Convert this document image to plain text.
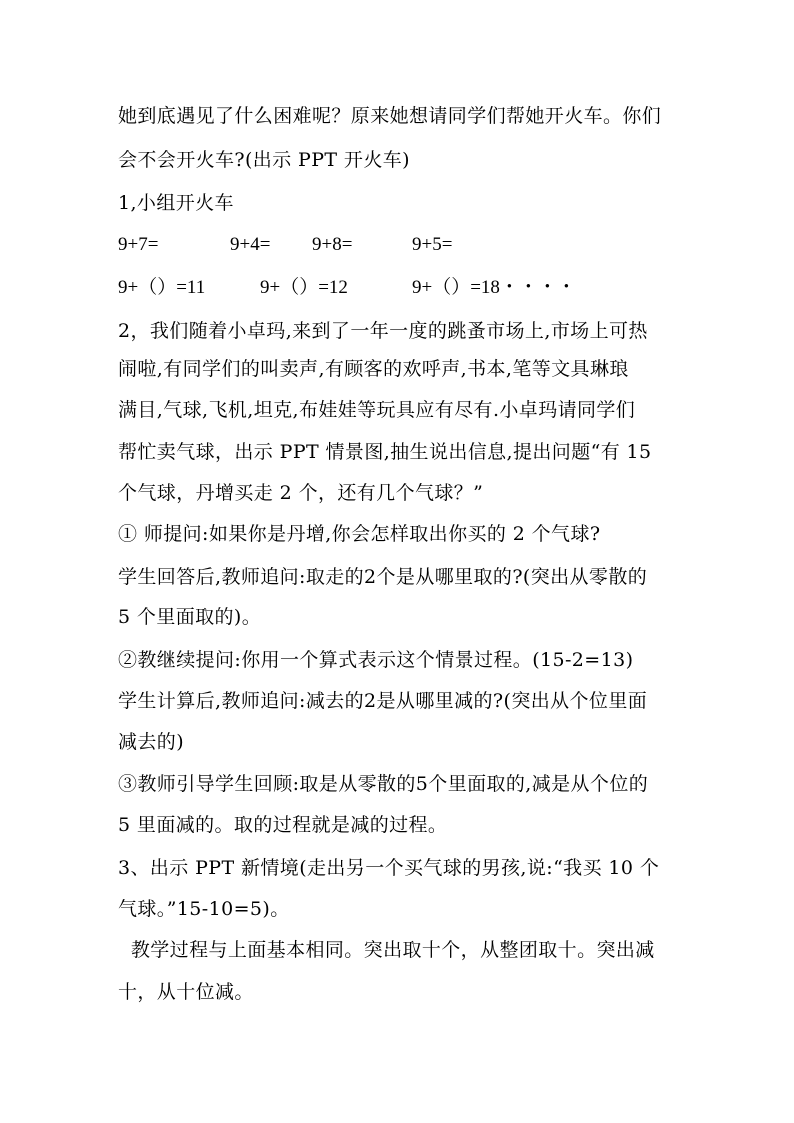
她到底遇见了什么困难呢？原来她想请同学们帮她开火车。你们
会不会开火车?(出示 PPT 开火车)
1,小组开火车
9+7=	9+4= 9+8=	9+5=
9+（）=11	9+（）=12	9+（）=18・・・・
2，我们随着小卓玛,来到了一年一度的跳蚤市场上,市场上可热
闹啦,有同学们的叫卖声,有顾客的欢呼声,书本,笔等文具琳琅
满目,气球,飞机,坦克,布娃娃等玩具应有尽有.小卓玛请同学们
帮忙卖气球，出示 PPT 情景图,抽生说出信息,提出问题“有 15
个气球，丹增买走 2 个，还有几个气球？”
① 师提问:如果你是丹增,你会怎样取出你买的 2 个气球?
学生回答后,教师追问:取走的2个是从哪里取的?(突出从零散的
5 个里面取的)。
②教继续提问:你用一个算式表示这个情景过程。(15-2=13)
学生计算后,教师追问:减去的2是从哪里减的?(突出从个位里面
减去的)
③教师引导学生回顾:取是从零散的5个里面取的,减是从个位的
5 里面减的。取的过程就是减的过程。
3、出示 PPT 新情境(走出另一个买气球的男孩,说:“我买 10 个
气球。”15-10=5)。
教学过程与上面基本相同。突出取十个，从整团取十。突出减
十，从十位减。
